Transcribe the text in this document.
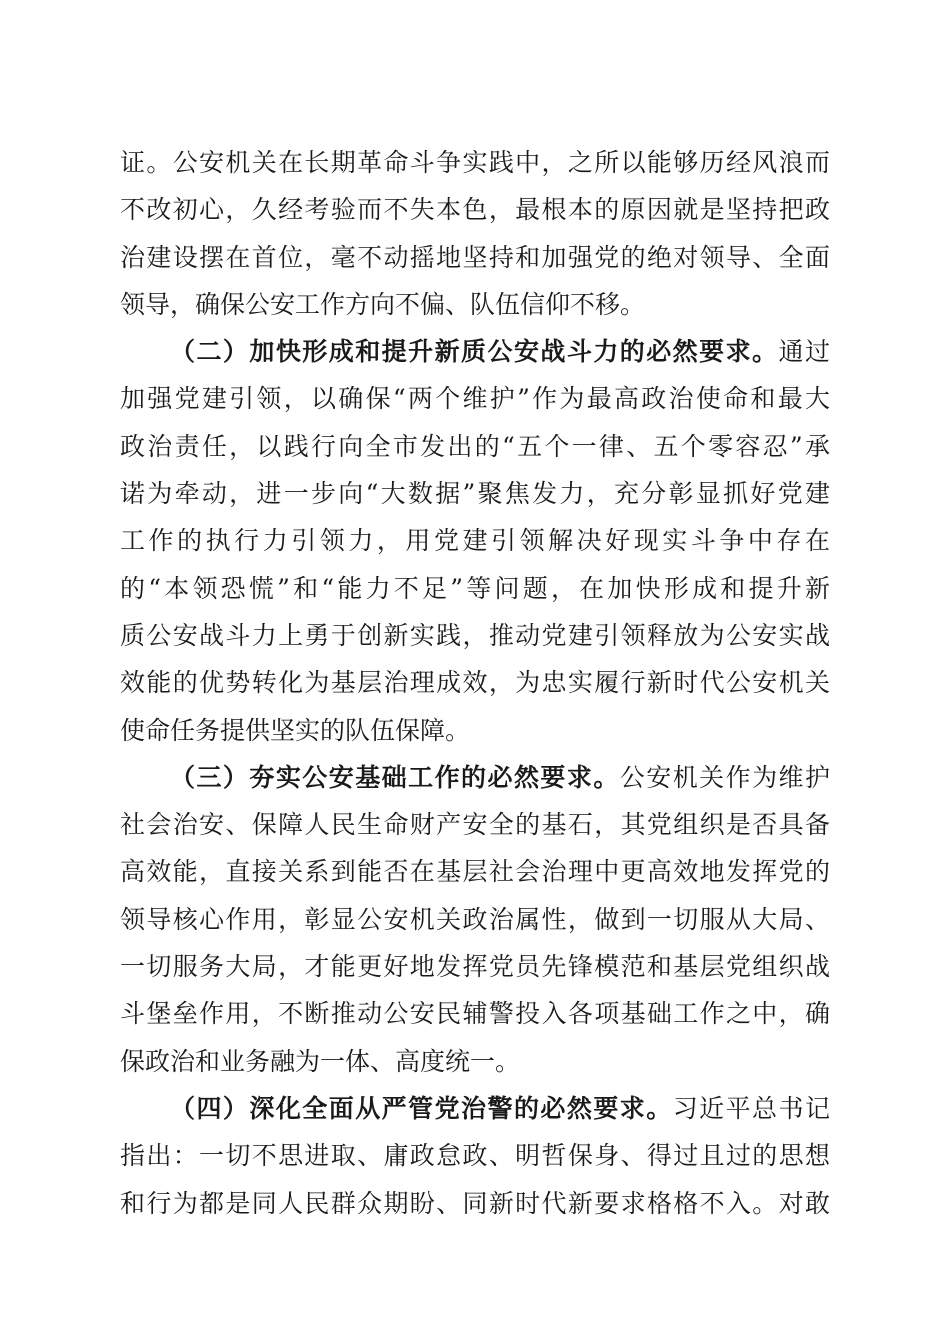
证。公安机关在长期革命斗争实践中，之所以能够历经风浪而
不改初心，久经考验而不失本色，最根本的原因就是坚持把政
治建设摆在首位，毫不动摇地坚持和加强党的绝对领导、全面
领导，确保公安工作方向不偏、队伍信仰不移。
（二）加快形成和提升新质公安战斗力的必然要求。通过
加强党建引领，以确保“两个维护”作为最高政治使命和最大
政治责任，以践行向全市发出的“五个一律、五个零容忍”承
诺为牵动，进一步向“大数据”聚焦发力，充分彰显抓好党建
工作的执行力引领力，用党建引领解决好现实斗争中存在
的“本领恐慌”和“能力不足”等问题，在加快形成和提升新
质公安战斗力上勇于创新实践，推动党建引领释放为公安实战
效能的优势转化为基层治理成效，为忠实履行新时代公安机关
使命任务提供坚实的队伍保障。
（三）夯实公安基础工作的必然要求。公安机关作为维护
社会治安、保障人民生命财产安全的基石，其党组织是否具备
高效能，直接关系到能否在基层社会治理中更高效地发挥党的
领导核心作用，彰显公安机关政治属性，做到一切服从大局、
一切服务大局，才能更好地发挥党员先锋模范和基层党组织战
斗堡垒作用，不断推动公安民辅警投入各项基础工作之中，确
保政治和业务融为一体、高度统一。
（四）深化全面从严管党治警的必然要求。习近平总书记
指出：一切不思进取、庸政怠政、明哲保身、得过且过的思想
和行为都是同人民群众期盼、同新时代新要求格格不入。对敢
